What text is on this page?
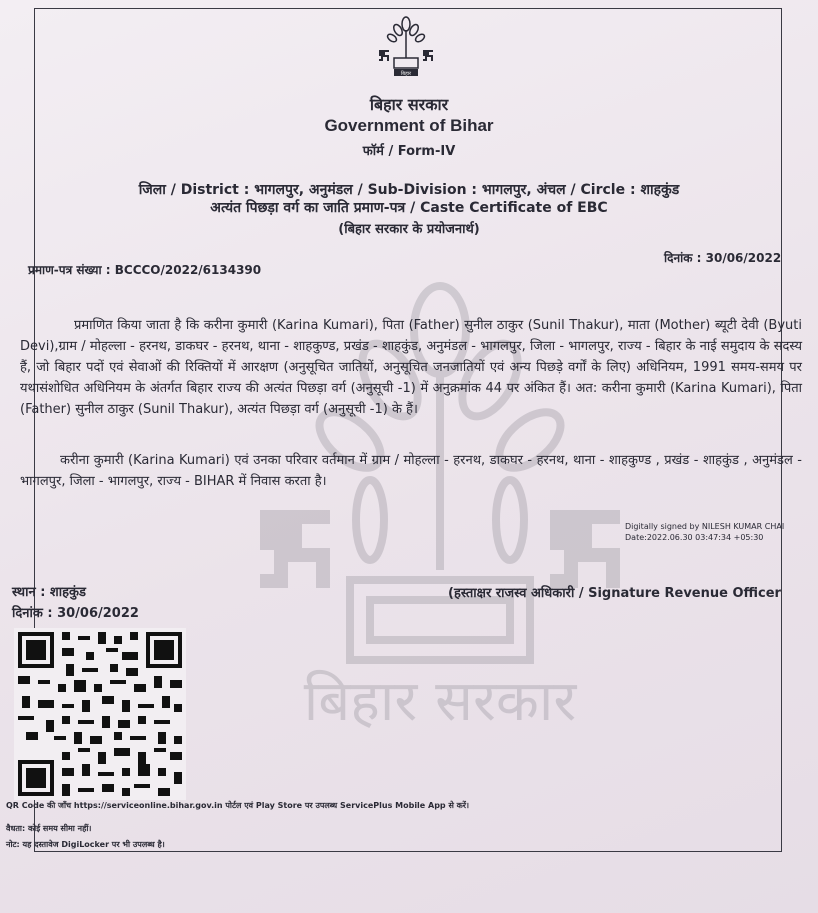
बिहार सरकार
बिहार
बिहार सरकार
Government of Bihar
फॉर्म / Form-IV
जिला / District : भागलपुर, अनुमंडल / Sub-Division : भागलपुर, अंचल / Circle : शाहकुंड
अत्यंत पिछड़ा वर्ग का जाति प्रमाण-पत्र / Caste Certificate of EBC
(बिहार सरकार के प्रयोजनार्थ)
प्रमाण-पत्र संख्या : BCCCO/2022/6134390
दिनांक : 30/06/2022
प्रमाणित किया जाता है कि करीना कुमारी (Karina Kumari), पिता (Father) सुनील ठाकुर (Sunil Thakur), माता (Mother) ब्यूटी देवी (Byuti Devi),ग्राम / मोहल्ला - हरनथ, डाकघर - हरनथ, थाना - शाहकुण्ड, प्रखंड - शाहकुंड, अनुमंडल - भागलपुर, जिला - भागलपुर, राज्य - बिहार के नाई समुदाय के सदस्य हैं, जो बिहार पदों एवं सेवाओं की रिक्तियों में आरक्षण (अनुसूचित जातियों, अनुसूचित जनजातियों एवं अन्य पिछड़े वर्गों के लिए) अधिनियम, 1991 समय-समय पर यथासंशोधित अधिनियम के अंतर्गत बिहार राज्य की अत्यंत पिछड़ा वर्ग (अनुसूची -1) में अनुक्रमांक 44 पर अंकित हैं। अत: करीना कुमारी (Karina Kumari), पिता (Father) सुनील ठाकुर (Sunil Thakur), अत्यंत पिछड़ा वर्ग (अनुसूची -1) के हैं।
करीना कुमारी (Karina Kumari) एवं उनका परिवार वर्तमान में ग्राम / मोहल्ला - हरनथ, डाकघर - हरनथ, थाना - शाहकुण्ड , प्रखंड - शाहकुंड , अनुमंडल - भागलपुर, जिला - भागलपुर, राज्य - BIHAR में निवास करता है।
Digitally signed by NILESH KUMAR CHAI
Date:2022.06.30 03:47:34 +05:30
स्थान : शाहकुंड
दिनांक : 30/06/2022
(हस्ताक्षर राजस्व अधिकारी / Signature Revenue Officer
QR Code की जाँच https://serviceonline.bihar.gov.in पोर्टल एवं Play Store पर उपलब्ध ServicePlus Mobile App से करें।
वैधता: कोई समय सीमा नहीं।
नोट: यह दस्तावेज DigiLocker पर भी उपलब्ध है।
